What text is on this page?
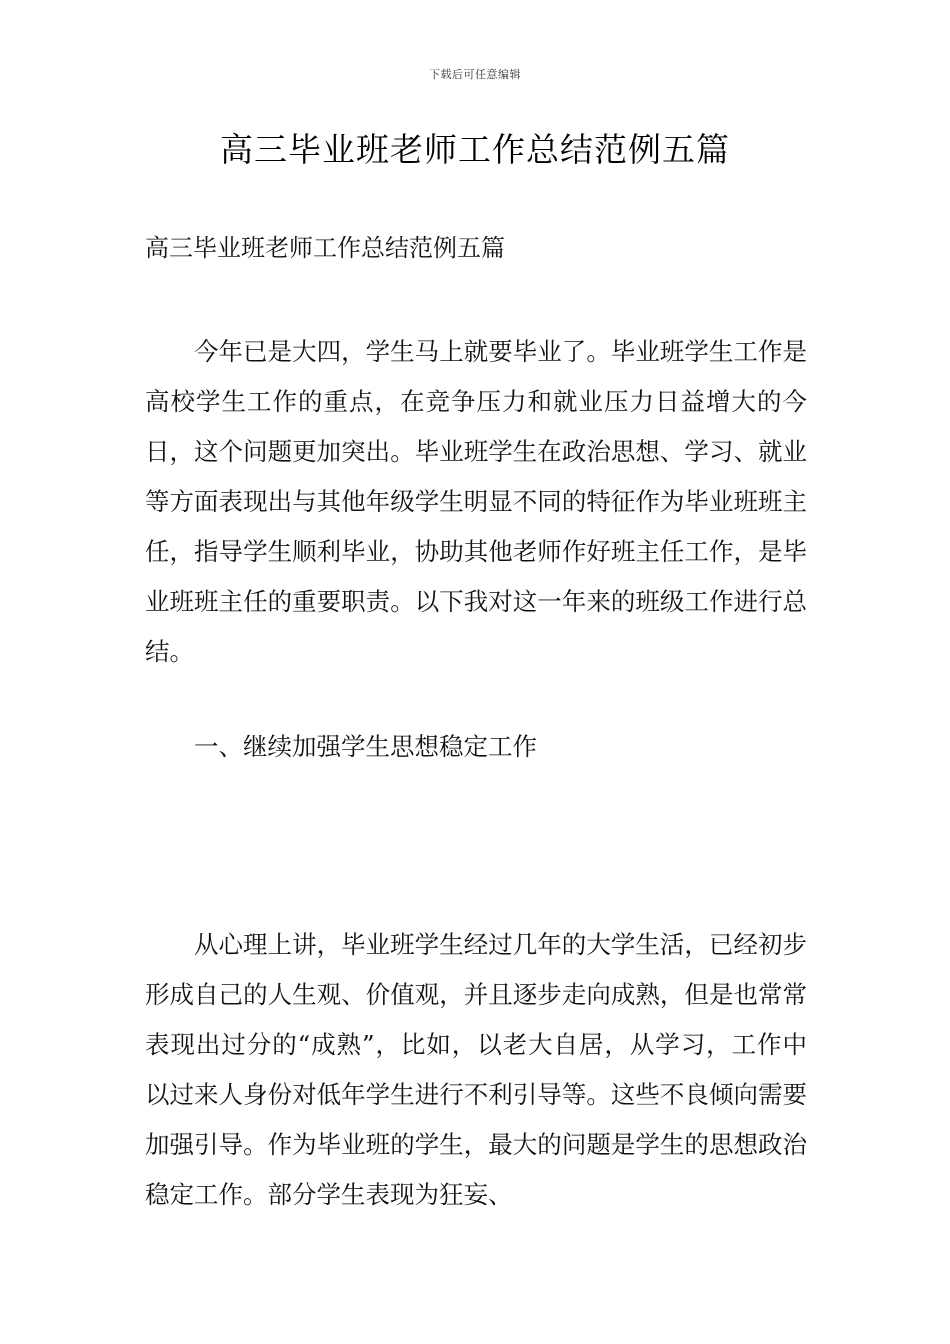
下载后可任意编辑
高三毕业班老师工作总结范例五篇
高三毕业班老师工作总结范例五篇

今年已是大四，学生马上就要毕业了。毕业班学生工作是高校学生工作的重点，在竞争压力和就业压力日益增大的今日，这个问题更加突出。毕业班学生在政治思想、学习、就业等方面表现出与其他年级学生明显不同的特征作为毕业班班主任，指导学生顺利毕业，协助其他老师作好班主任工作，是毕业班班主任的重要职责。以下我对这一年来的班级工作进行总结。

一、继续加强学生思想稳定工作

从心理上讲，毕业班学生经过几年的大学生活，已经初步形成自己的人生观、价值观，并且逐步走向成熟，但是也常常表现出过分的“成熟”，比如，以老大自居，从学习，工作中以过来人身份对低年学生进行不利引导等。这些不良倾向需要加强引导。作为毕业班的学生，最大的问题是学生的思想政治稳定工作。部分学生表现为狂妄、
